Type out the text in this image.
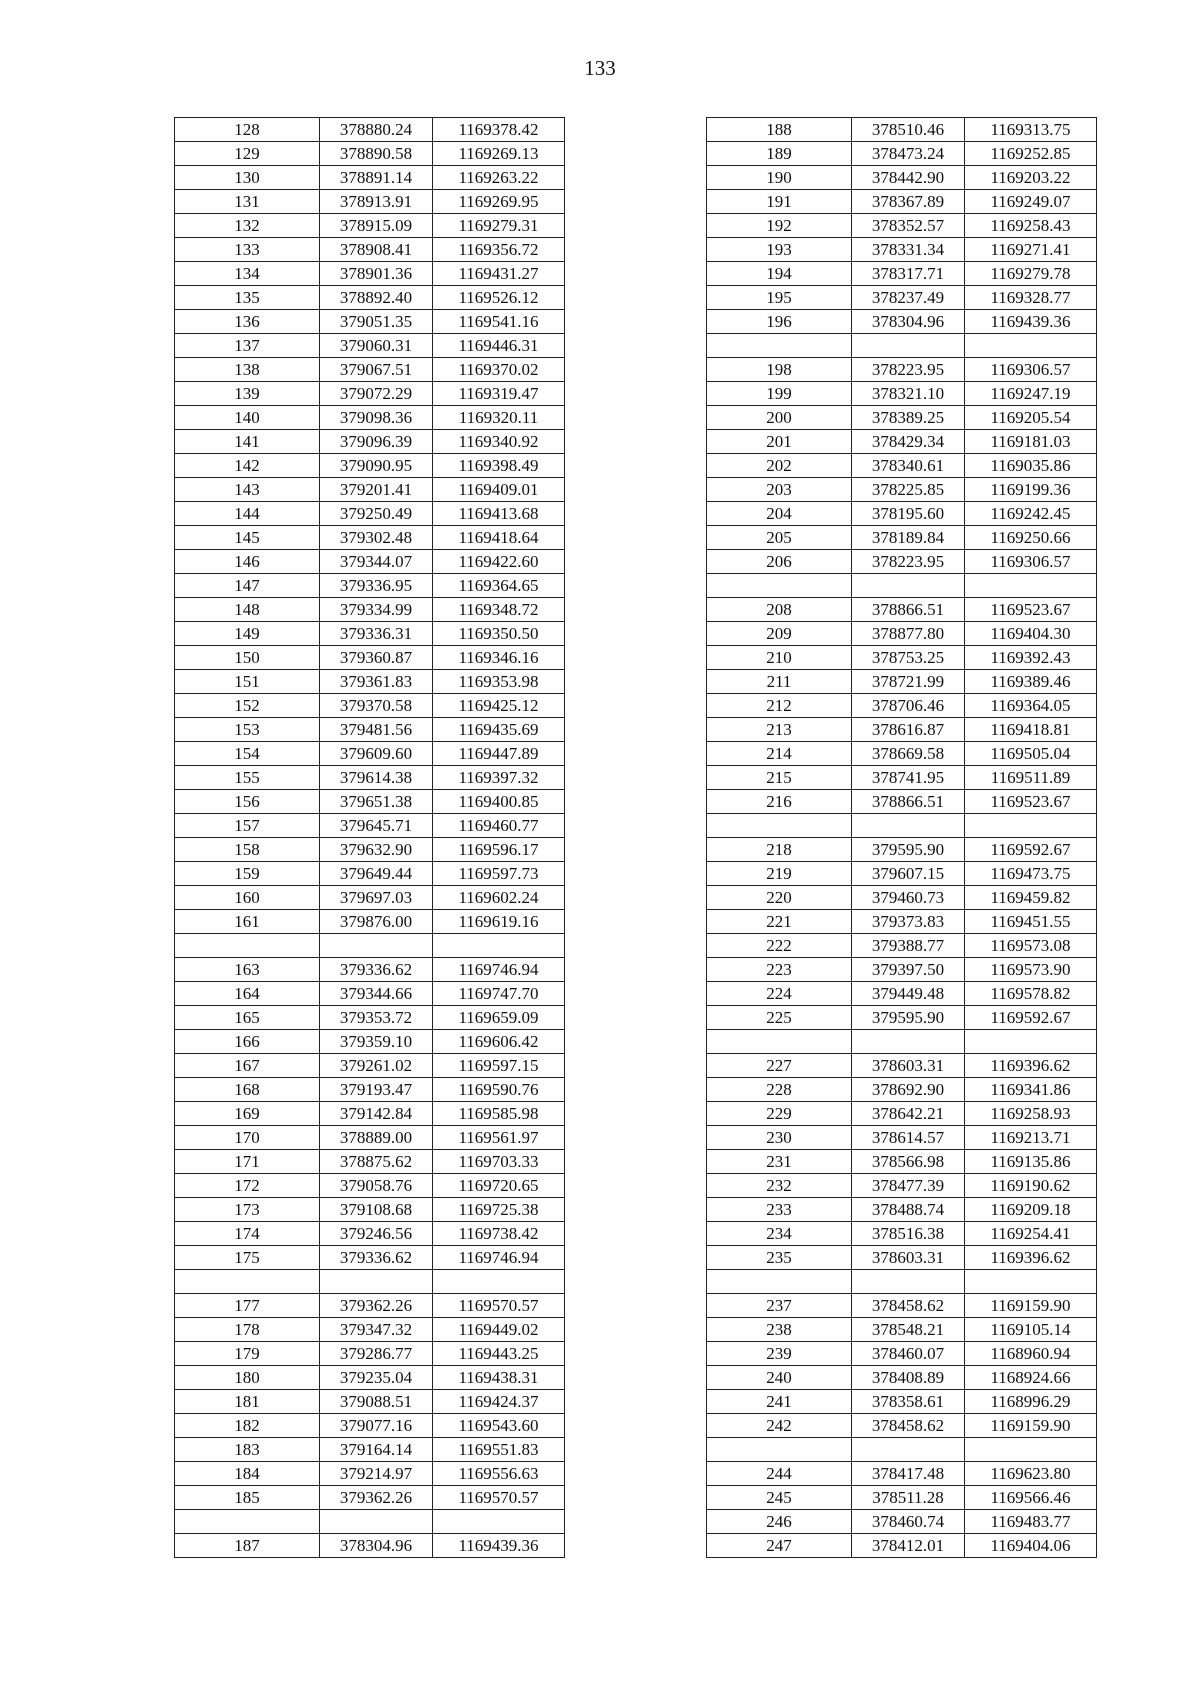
133
128	378880.24	1169378.42
129	378890.58	1169269.13
130	378891.14	1169263.22
131	378913.91	1169269.95
132	378915.09	1169279.31
133	378908.41	1169356.72
134	378901.36	1169431.27
135	378892.40	1169526.12
136	379051.35	1169541.16
137	379060.31	1169446.31
138	379067.51	1169370.02
139	379072.29	1169319.47
140	379098.36	1169320.11
141	379096.39	1169340.92
142	379090.95	1169398.49
143	379201.41	1169409.01
144	379250.49	1169413.68
145	379302.48	1169418.64
146	379344.07	1169422.60
147	379336.95	1169364.65
148	379334.99	1169348.72
149	379336.31	1169350.50
150	379360.87	1169346.16
151	379361.83	1169353.98
152	379370.58	1169425.12
153	379481.56	1169435.69
154	379609.60	1169447.89
155	379614.38	1169397.32
156	379651.38	1169400.85
157	379645.71	1169460.77
158	379632.90	1169596.17
159	379649.44	1169597.73
160	379697.03	1169602.24
161	379876.00	1169619.16

163	379336.62	1169746.94
164	379344.66	1169747.70
165	379353.72	1169659.09
166	379359.10	1169606.42
167	379261.02	1169597.15
168	379193.47	1169590.76
169	379142.84	1169585.98
170	378889.00	1169561.97
171	378875.62	1169703.33
172	379058.76	1169720.65
173	379108.68	1169725.38
174	379246.56	1169738.42
175	379336.62	1169746.94

177	379362.26	1169570.57
178	379347.32	1169449.02
179	379286.77	1169443.25
180	379235.04	1169438.31
181	379088.51	1169424.37
182	379077.16	1169543.60
183	379164.14	1169551.83
184	379214.97	1169556.63
185	379362.26	1169570.57

187	378304.96	1169439.36
188	378510.46	1169313.75
189	378473.24	1169252.85
190	378442.90	1169203.22
191	378367.89	1169249.07
192	378352.57	1169258.43
193	378331.34	1169271.41
194	378317.71	1169279.78
195	378237.49	1169328.77
196	378304.96	1169439.36

198	378223.95	1169306.57
199	378321.10	1169247.19
200	378389.25	1169205.54
201	378429.34	1169181.03
202	378340.61	1169035.86
203	378225.85	1169199.36
204	378195.60	1169242.45
205	378189.84	1169250.66
206	378223.95	1169306.57

208	378866.51	1169523.67
209	378877.80	1169404.30
210	378753.25	1169392.43
211	378721.99	1169389.46
212	378706.46	1169364.05
213	378616.87	1169418.81
214	378669.58	1169505.04
215	378741.95	1169511.89
216	378866.51	1169523.67

218	379595.90	1169592.67
219	379607.15	1169473.75
220	379460.73	1169459.82
221	379373.83	1169451.55
222	379388.77	1169573.08
223	379397.50	1169573.90
224	379449.48	1169578.82
225	379595.90	1169592.67

227	378603.31	1169396.62
228	378692.90	1169341.86
229	378642.21	1169258.93
230	378614.57	1169213.71
231	378566.98	1169135.86
232	378477.39	1169190.62
233	378488.74	1169209.18
234	378516.38	1169254.41
235	378603.31	1169396.62

237	378458.62	1169159.90
238	378548.21	1169105.14
239	378460.07	1168960.94
240	378408.89	1168924.66
241	378358.61	1168996.29
242	378458.62	1169159.90

244	378417.48	1169623.80
245	378511.28	1169566.46
246	378460.74	1169483.77
247	378412.01	1169404.06
